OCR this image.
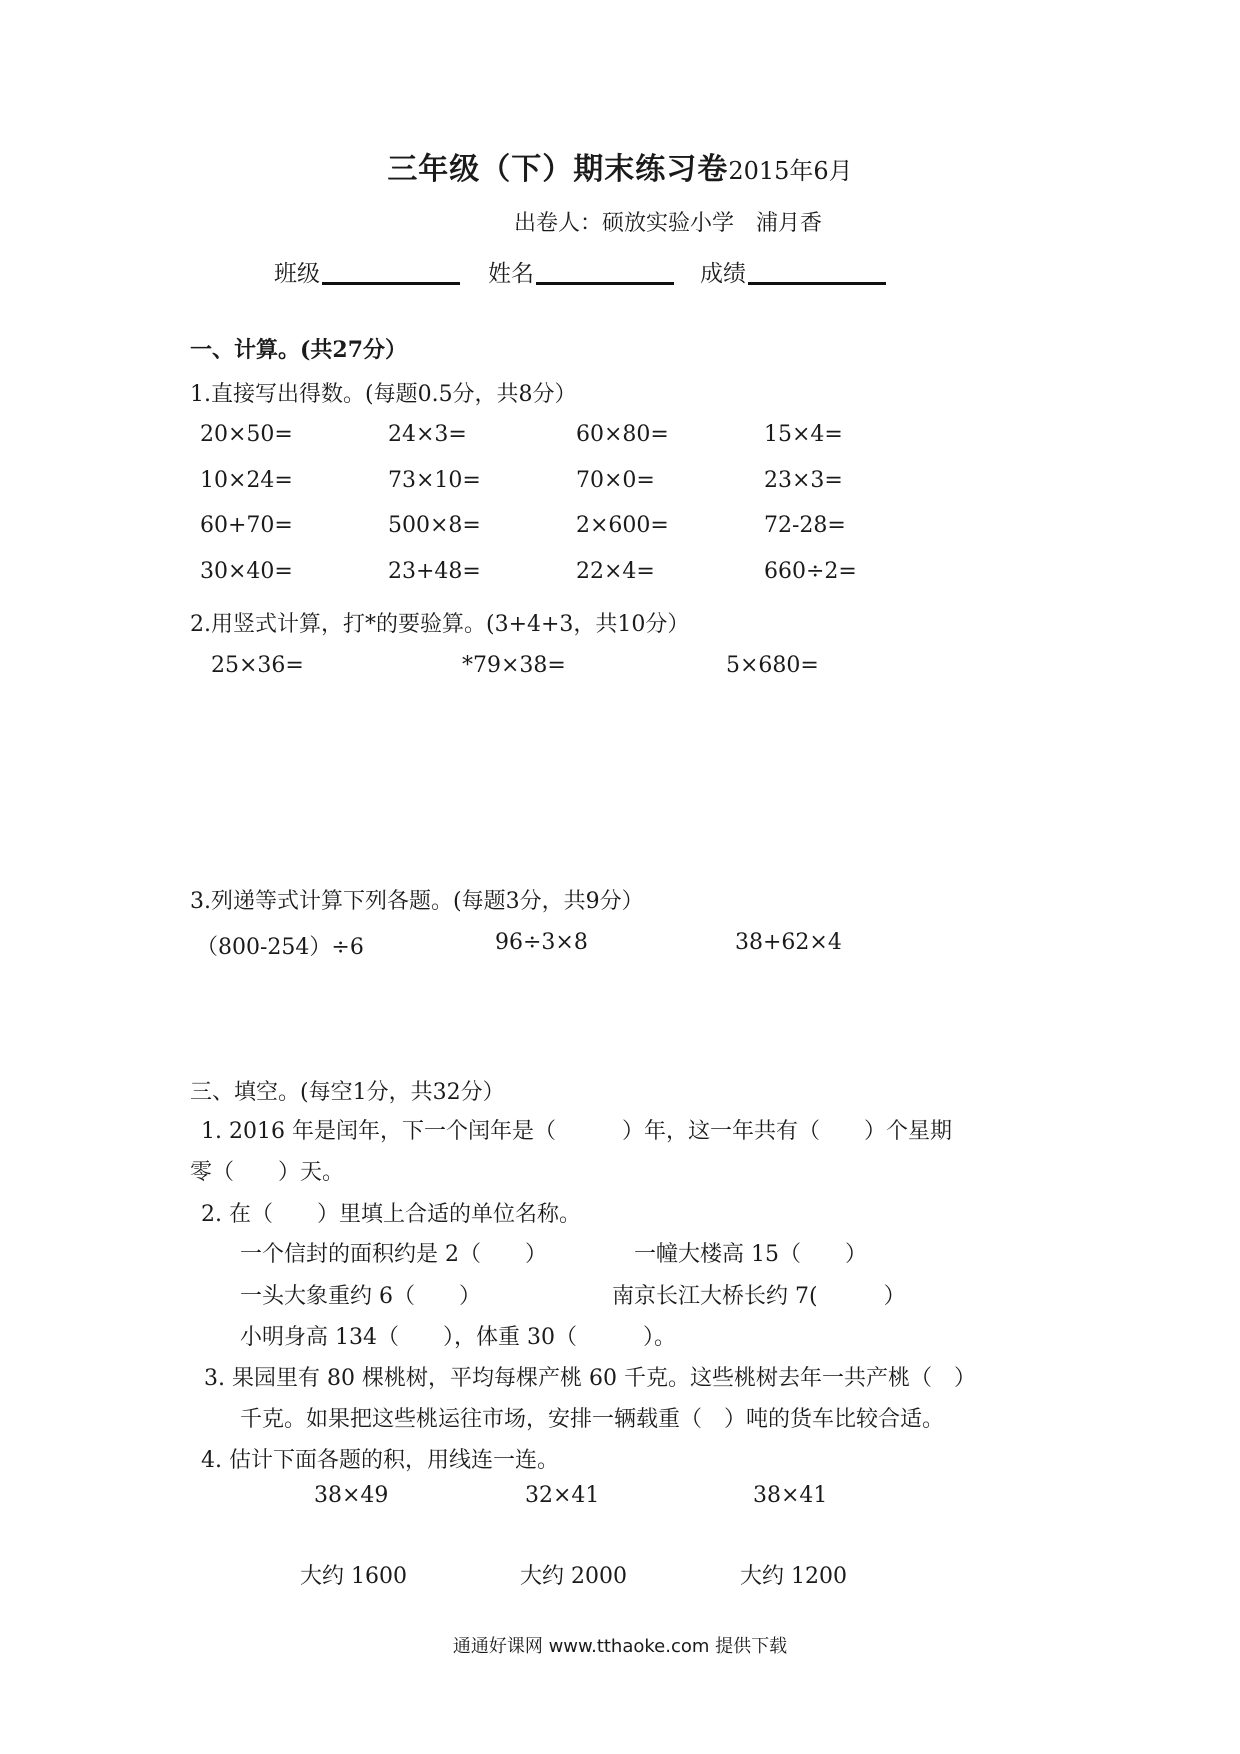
三年级（下）期末练习卷2015年6月
出卷人：硕放实验小学　浦月香
班级	姓名	成绩
一、计算。(共27分）
1.直接写出得数。(每题0.5分，共8分）
20×50=	24×3=	60×80=	15×4=
10×24=	73×10=	70×0=	23×3=
60+70=	500×8=	2×600=	72-28=
30×40=	23+48=	22×4=	660÷2=
2.用竖式计算，打*的要验算。(3+4+3，共10分）
25×36=	*79×38=	5×680=
3.列递等式计算下列各题。(每题3分，共9分）
（800-254）÷6	96÷3×8	38+62×4
三、填空。(每空1分，共32分）
1. 2016 年是闰年，下一个闰年是（　　　）年，这一年共有（　　）个星期
零（　　）天。
2. 在（　　）里填上合适的单位名称。
一个信封的面积约是 2（　　）	一幢大楼高 15（　　）
一头大象重约 6（　　）	南京长江大桥长约 7(　　　）
小明身高 134（　　），体重 30（　　　）。
3. 果园里有 80 棵桃树，平均每棵产桃 60 千克。这些桃树去年一共产桃（　）
千克。如果把这些桃运往市场，安排一辆载重（　）吨的货车比较合适。
4. 估计下面各题的积，用线连一连。
38×49	32×41	38×41
大约 1600	大约 2000	大约 1200
通通好课网 www.tthaoke.com 提供下载
